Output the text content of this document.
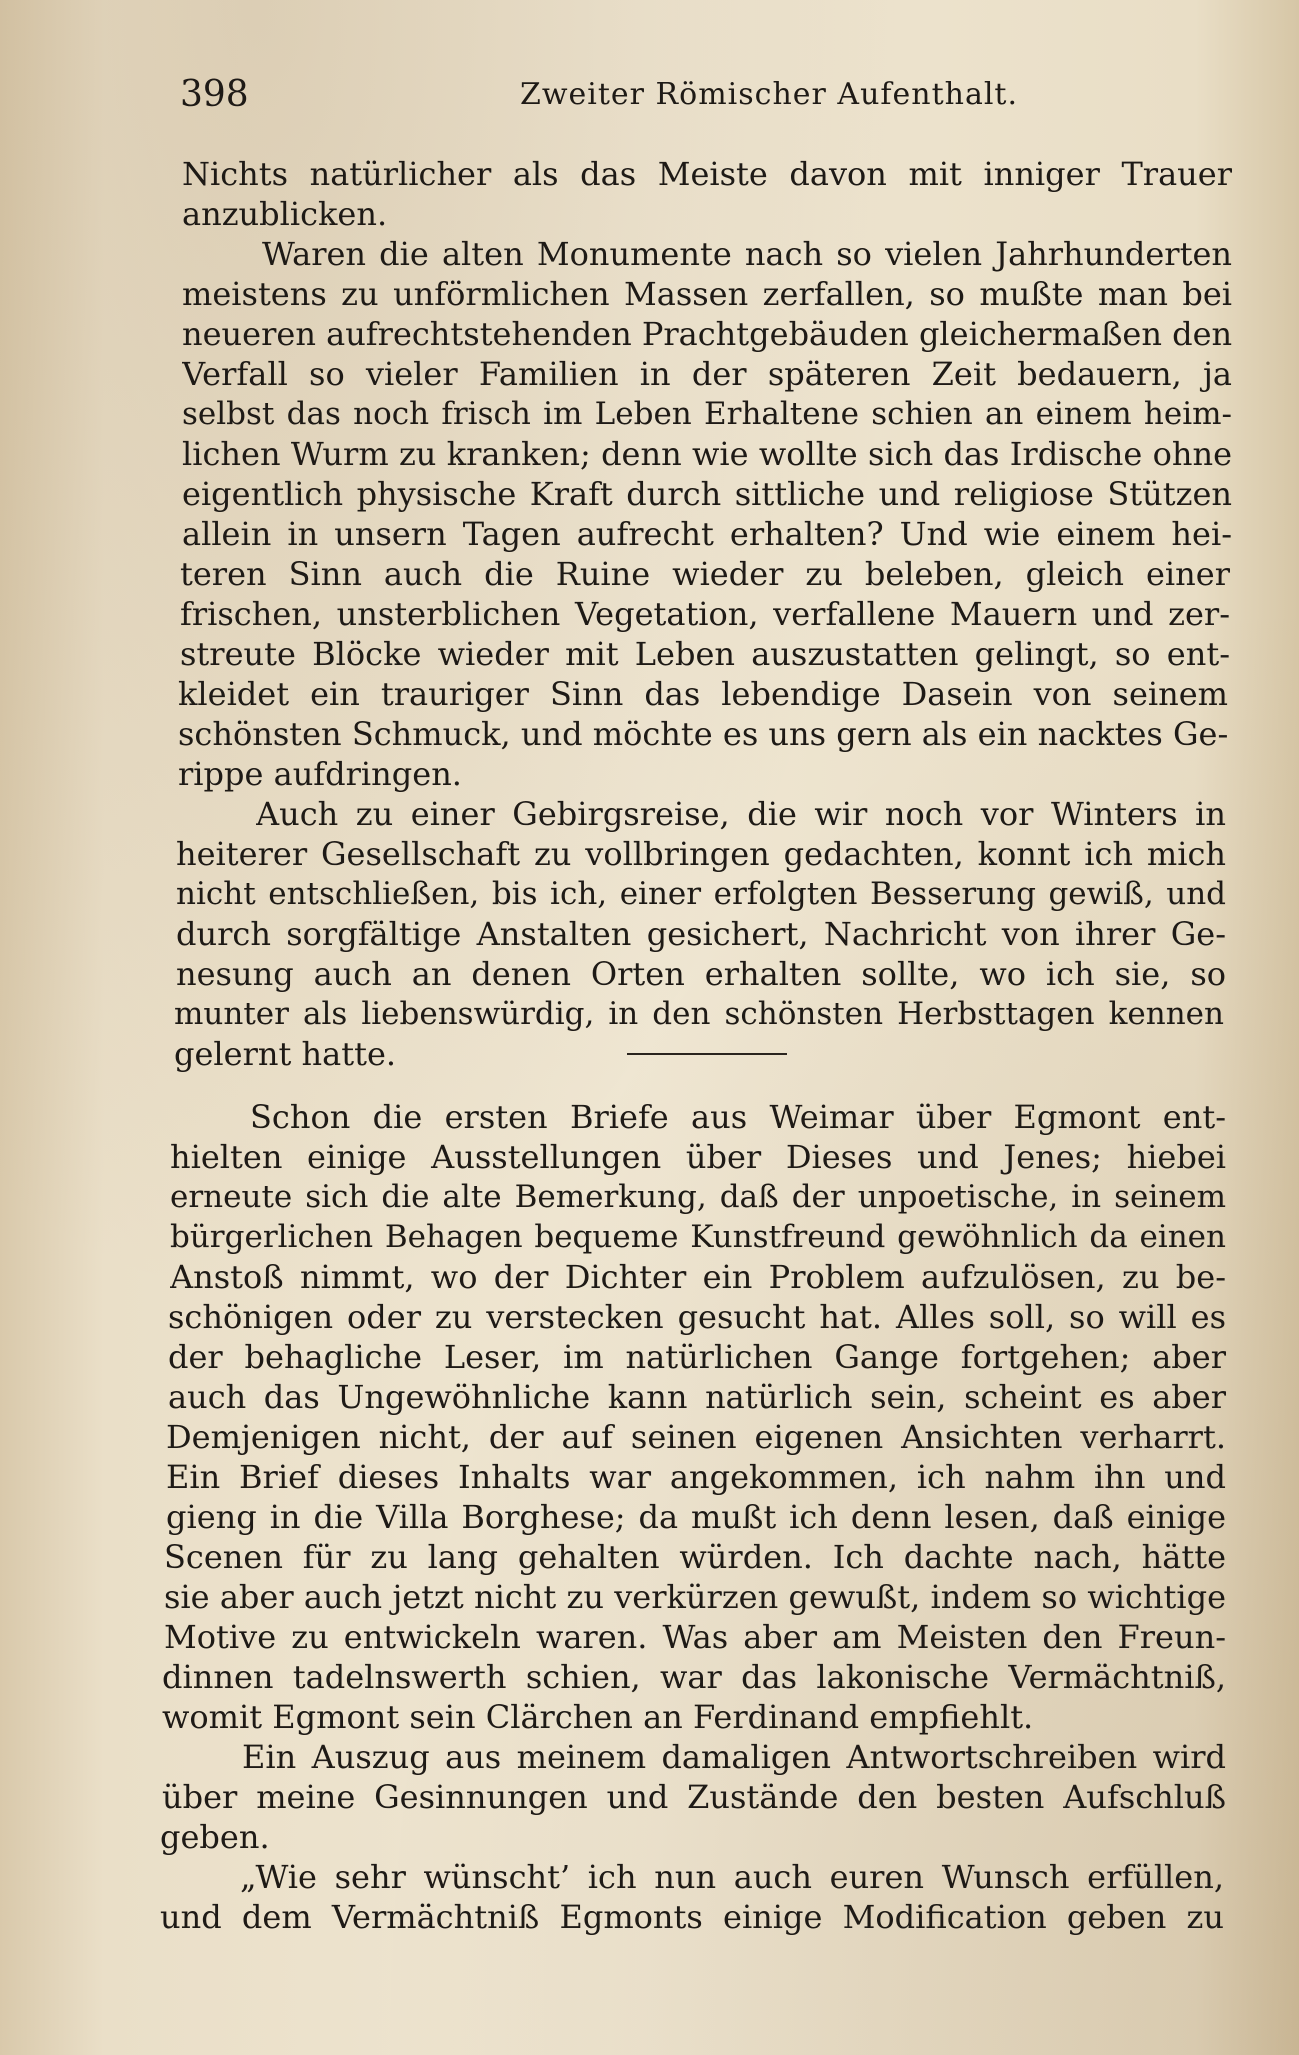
398	Zweiter Römischer Aufenthalt.
Nichts natürlicher als das Meiste davon mit inniger Trauer
anzublicken.
Waren die alten Monumente nach so vielen Jahrhunderten
meistens zu unförmlichen Massen zerfallen, so mußte man bei
neueren aufrechtstehenden Prachtgebäuden gleichermaßen den
Verfall so vieler Familien in der späteren Zeit bedauern, ja
selbst das noch frisch im Leben Erhaltene schien an einem heim-
lichen Wurm zu kranken; denn wie wollte sich das Irdische ohne
eigentlich physische Kraft durch sittliche und religiose Stützen
allein in unsern Tagen aufrecht erhalten? Und wie einem hei-
teren Sinn auch die Ruine wieder zu beleben, gleich einer
frischen, unsterblichen Vegetation, verfallene Mauern und zer-
streute Blöcke wieder mit Leben auszustatten gelingt, so ent-
kleidet ein trauriger Sinn das lebendige Dasein von seinem
schönsten Schmuck, und möchte es uns gern als ein nacktes Ge-
rippe aufdringen.
Auch zu einer Gebirgsreise, die wir noch vor Winters in
heiterer Gesellschaft zu vollbringen gedachten, konnt ich mich
nicht entschließen, bis ich, einer erfolgten Besserung gewiß, und
durch sorgfältige Anstalten gesichert, Nachricht von ihrer Ge-
nesung auch an denen Orten erhalten sollte, wo ich sie, so
munter als liebenswürdig, in den schönsten Herbsttagen kennen
gelernt hatte.
Schon die ersten Briefe aus Weimar über Egmont ent-
hielten einige Ausstellungen über Dieses und Jenes; hiebei
erneute sich die alte Bemerkung, daß der unpoetische, in seinem
bürgerlichen Behagen bequeme Kunstfreund gewöhnlich da einen
Anstoß nimmt, wo der Dichter ein Problem aufzulösen, zu be-
schönigen oder zu verstecken gesucht hat. Alles soll, so will es
der behagliche Leser, im natürlichen Gange fortgehen; aber
auch das Ungewöhnliche kann natürlich sein, scheint es aber
Demjenigen nicht, der auf seinen eigenen Ansichten verharrt.
Ein Brief dieses Inhalts war angekommen, ich nahm ihn und
gieng in die Villa Borghese; da mußt ich denn lesen, daß einige
Scenen für zu lang gehalten würden. Ich dachte nach, hätte
sie aber auch jetzt nicht zu verkürzen gewußt, indem so wichtige
Motive zu entwickeln waren. Was aber am Meisten den Freun-
dinnen tadelnswerth schien, war das lakonische Vermächtniß,
womit Egmont sein Clärchen an Ferdinand empfiehlt.
Ein Auszug aus meinem damaligen Antwortschreiben wird
über meine Gesinnungen und Zustände den besten Aufschluß
geben.
„Wie sehr wünscht’ ich nun auch euren Wunsch erfüllen,
und dem Vermächtniß Egmonts einige Modification geben zu
